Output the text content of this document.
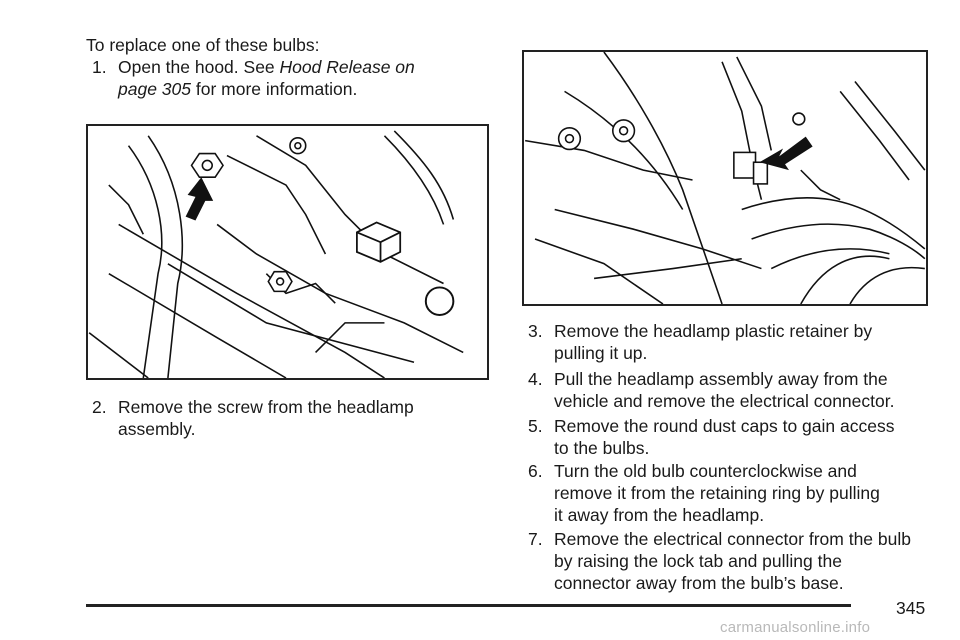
To replace one of these bulbs:
1. Open the hood. See Hood Release on
page 305 for more information.
2. Remove the screw from the headlamp
assembly.
3. Remove the headlamp plastic retainer by
pulling it up.
4. Pull the headlamp assembly away from the
vehicle and remove the electrical connector.
5. Remove the round dust caps to gain access
to the bulbs.
6. Turn the old bulb counterclockwise and
remove it from the retaining ring by pulling
it away from the headlamp.
7. Remove the electrical connector from the bulb
by raising the lock tab and pulling the
connector away from the bulb’s base.
345
carmanualsonline.info
